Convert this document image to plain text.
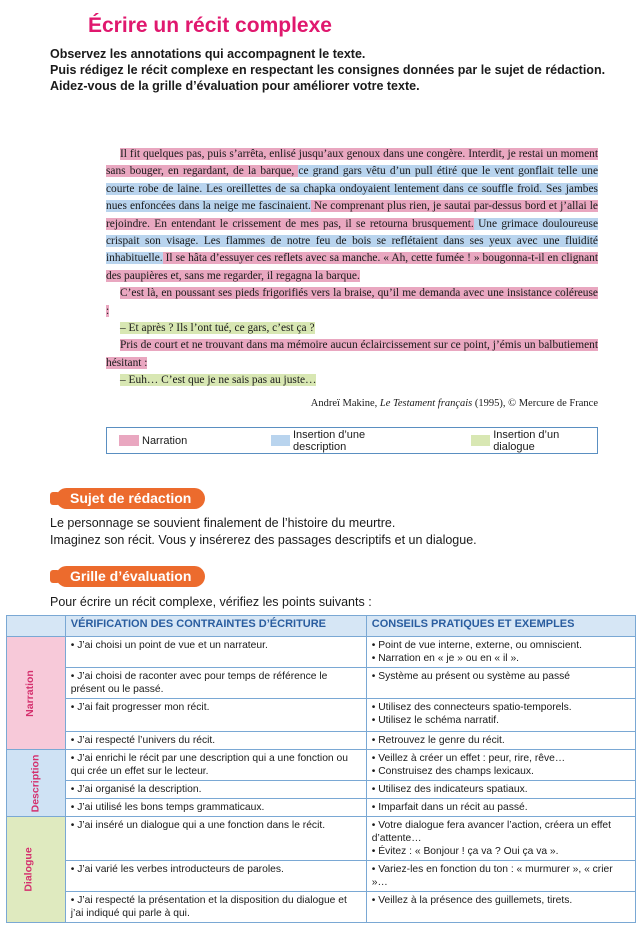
Écrire un récit complexe
Observez les annotations qui accompagnent le texte.
Puis rédigez le récit complexe en respectant les consignes données par le sujet de rédaction. Aidez-vous de la grille d’évaluation pour améliorer votre texte.

Il fit quelques pas, puis s’arrêta, enlisé jusqu’aux genoux dans une congère. Interdit, je restai un moment sans bouger, en regardant, de la barque, ce grand gars vêtu d’un pull étiré que le vent gonflait telle une courte robe de laine. Les oreillettes de sa chapka ondoyaient lentement dans ce souffle froid. Ses jambes nues enfoncées dans la neige me fascinaient. Ne comprenant plus rien, je sautai par-dessus bord et j’allai le rejoindre. En entendant le crissement de mes pas, il se retourna brusquement. Une grimace douloureuse crispait son visage. Les flammes de notre feu de bois se reflétaient dans ses yeux avec une fluidité inhabituelle. Il se hâta d’essuyer ces reflets avec sa manche. « Ah, cette fumée ! » bougonna-t-il en clignant des paupières et, sans me regarder, il regagna la barque.

C’est là, en poussant ses pieds frigorifiés vers la braise, qu’il me demanda avec une insistance coléreuse :

– Et après ? Ils l’ont tué, ce gars, c’est ça ?

Pris de court et ne trouvant dans ma mémoire aucun éclaircissement sur ce point, j’émis un balbutiement hésitant :

– Euh… C’est que je ne sais pas au juste…

Andreï Makine, Le Testament français (1995), © Mercure de France
Narration	Insertion d’une description
Insertion d’un dialogue
Sujet de rédaction
Le personnage se souvient finalement de l’histoire du meurtre.
Imaginez son récit. Vous y insérerez des passages descriptifs et un dialogue.
Grille d’évaluation
Pour écrire un récit complexe, vérifiez les points suivants :
	VÉRIFICATION DES CONTRAINTES D’ÉCRITURE	CONSEILS PRATIQUES ET EXEMPLES
Narration	• J’ai choisi un point de vue et un narrateur.	• Point de vue interne, externe, ou omniscient.
• Narration en « je » ou en « il ».

	• J’ai choisi de raconter avec pour temps de référence le présent ou le passé.	• Système au présent ou système au passé

	• J’ai fait progresser mon récit.	• Utilisez des connecteurs spatio-temporels.
• Utilisez le schéma narratif.

	• J’ai respecté l’univers du récit.	• Retrouvez le genre du récit.

Description	• J’ai enrichi le récit par une description qui a une fonction ou qui crée un effet sur le lecteur.	• Veillez à créer un effet : peur, rire, rêve…
• Construisez des champs lexicaux.

	• J’ai organisé la description.	• Utilisez des indicateurs spatiaux.

	• J’ai utilisé les bons temps grammaticaux.	• Imparfait dans un récit au passé.

Dialogue	• J’ai inséré un dialogue qui a une fonction dans le récit.	• Votre dialogue fera avancer l’action, créera un effet d’attente…
• Évitez : « Bonjour ! ça va ? Oui ça va ».

	• J’ai varié les verbes introducteurs de paroles.	• Variez-les en fonction du ton : « murmurer », « crier »…

	• J’ai respecté la présentation et la disposition du dialogue et j’ai indiqué qui parle à qui.	• Veillez à la présence des guillemets, tirets.
